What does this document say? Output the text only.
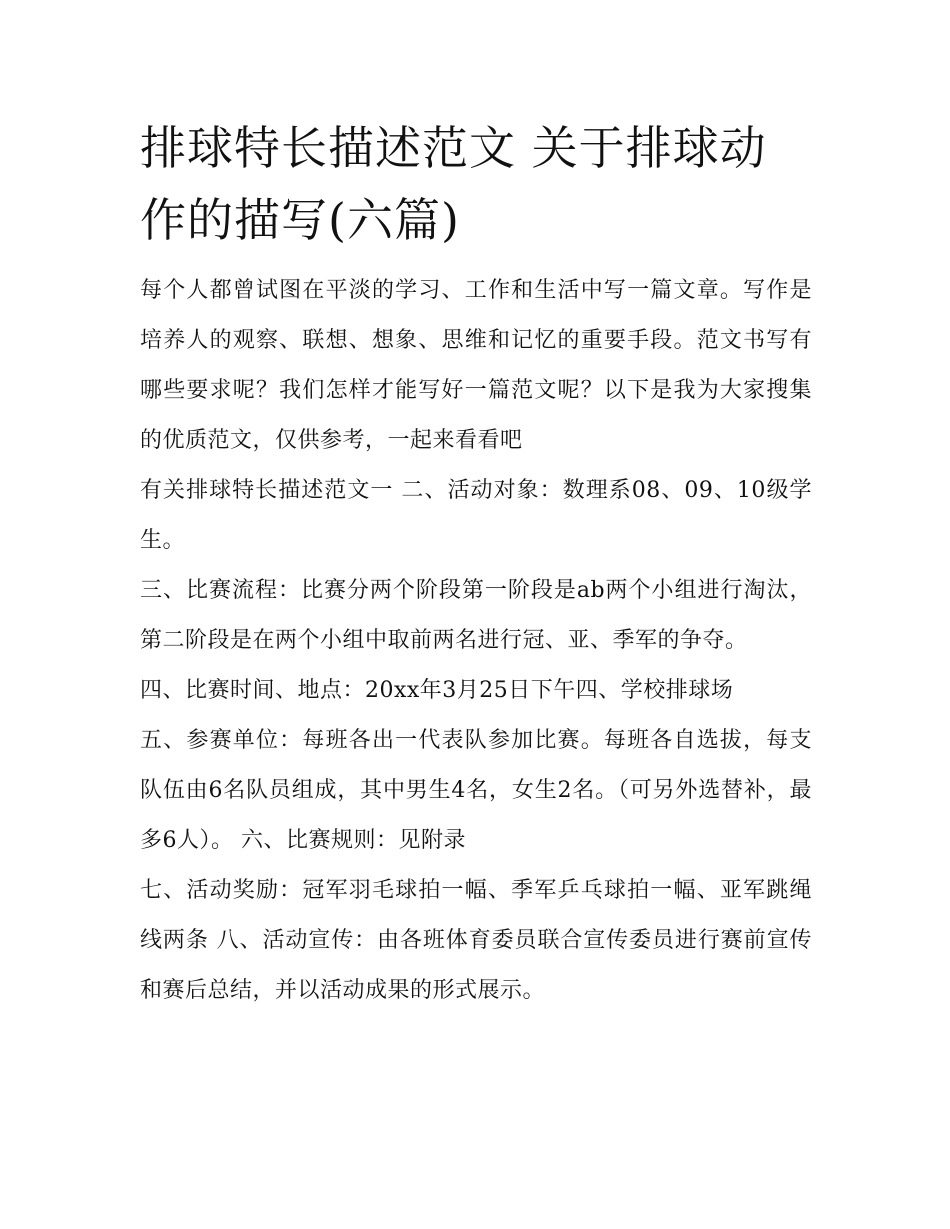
排球特长描述范文 关于排球动作的描写(六篇)

每个人都曾试图在平淡的学习、工作和生活中写一篇文章。写作是培养人的观察、联想、想象、思维和记忆的重要手段。范文书写有哪些要求呢？我们怎样才能写好一篇范文呢？以下是我为大家搜集的优质范文，仅供参考，一起来看看吧

有关排球特长描述范文一 二、活动对象：数理系08、09、10级学生。

三、比赛流程：比赛分两个阶段第一阶段是ab两个小组进行淘汰，第二阶段是在两个小组中取前两名进行冠、亚、季军的争夺。

四、比赛时间、地点：20xx年3月25日下午四、学校排球场

五、参赛单位：每班各出一代表队参加比赛。每班各自选拔，每支队伍由6名队员组成，其中男生4名，女生2名。（可另外选替补，最多6人）。 六、比赛规则：见附录

七、活动奖励：冠军羽毛球拍一幅、季军乒乓球拍一幅、亚军跳绳线两条 八、活动宣传：由各班体育委员联合宣传委员进行赛前宣传和赛后总结，并以活动成果的形式展示。
